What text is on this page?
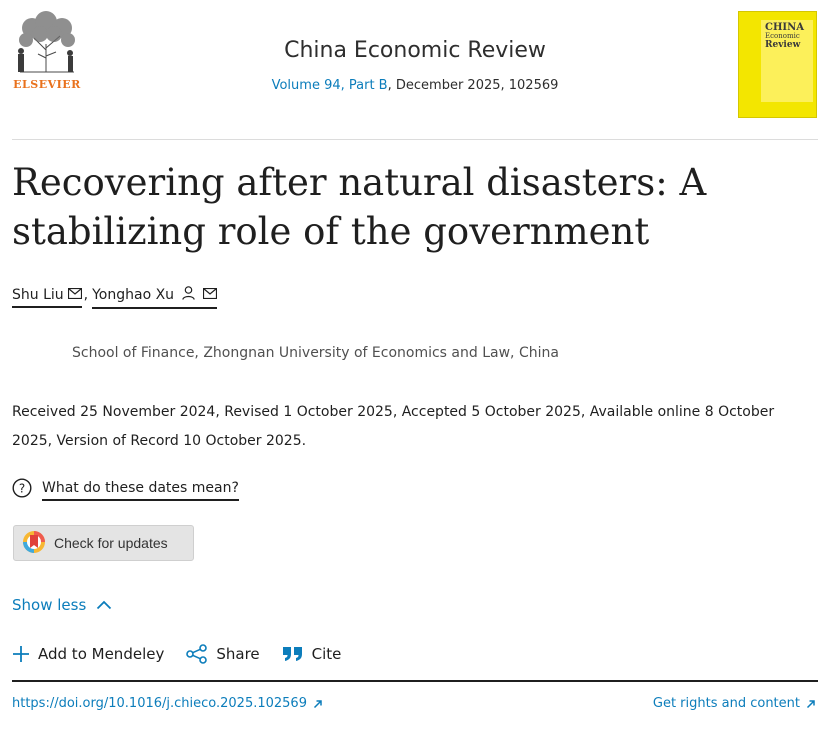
ELSEVIER
China Economic Review
Volume 94, Part B, December 2025, 102569
CHINA
Economic
Review
Recovering after natural disasters: A stabilizing role of the government
Shu Liu , Yonghao Xu
School of Finance, Zhongnan University of Economics and Law, China
Received 25 November 2024, Revised 1 October 2025, Accepted 5 October 2025, Available online 8 October 2025, Version of Record 10 October 2025.
? What do these dates mean?
Check for updates
Show less
Add to Mendeley	Share	Cite
https://doi.org/10.1016/j.chieco.2025.102569	Get rights and content
